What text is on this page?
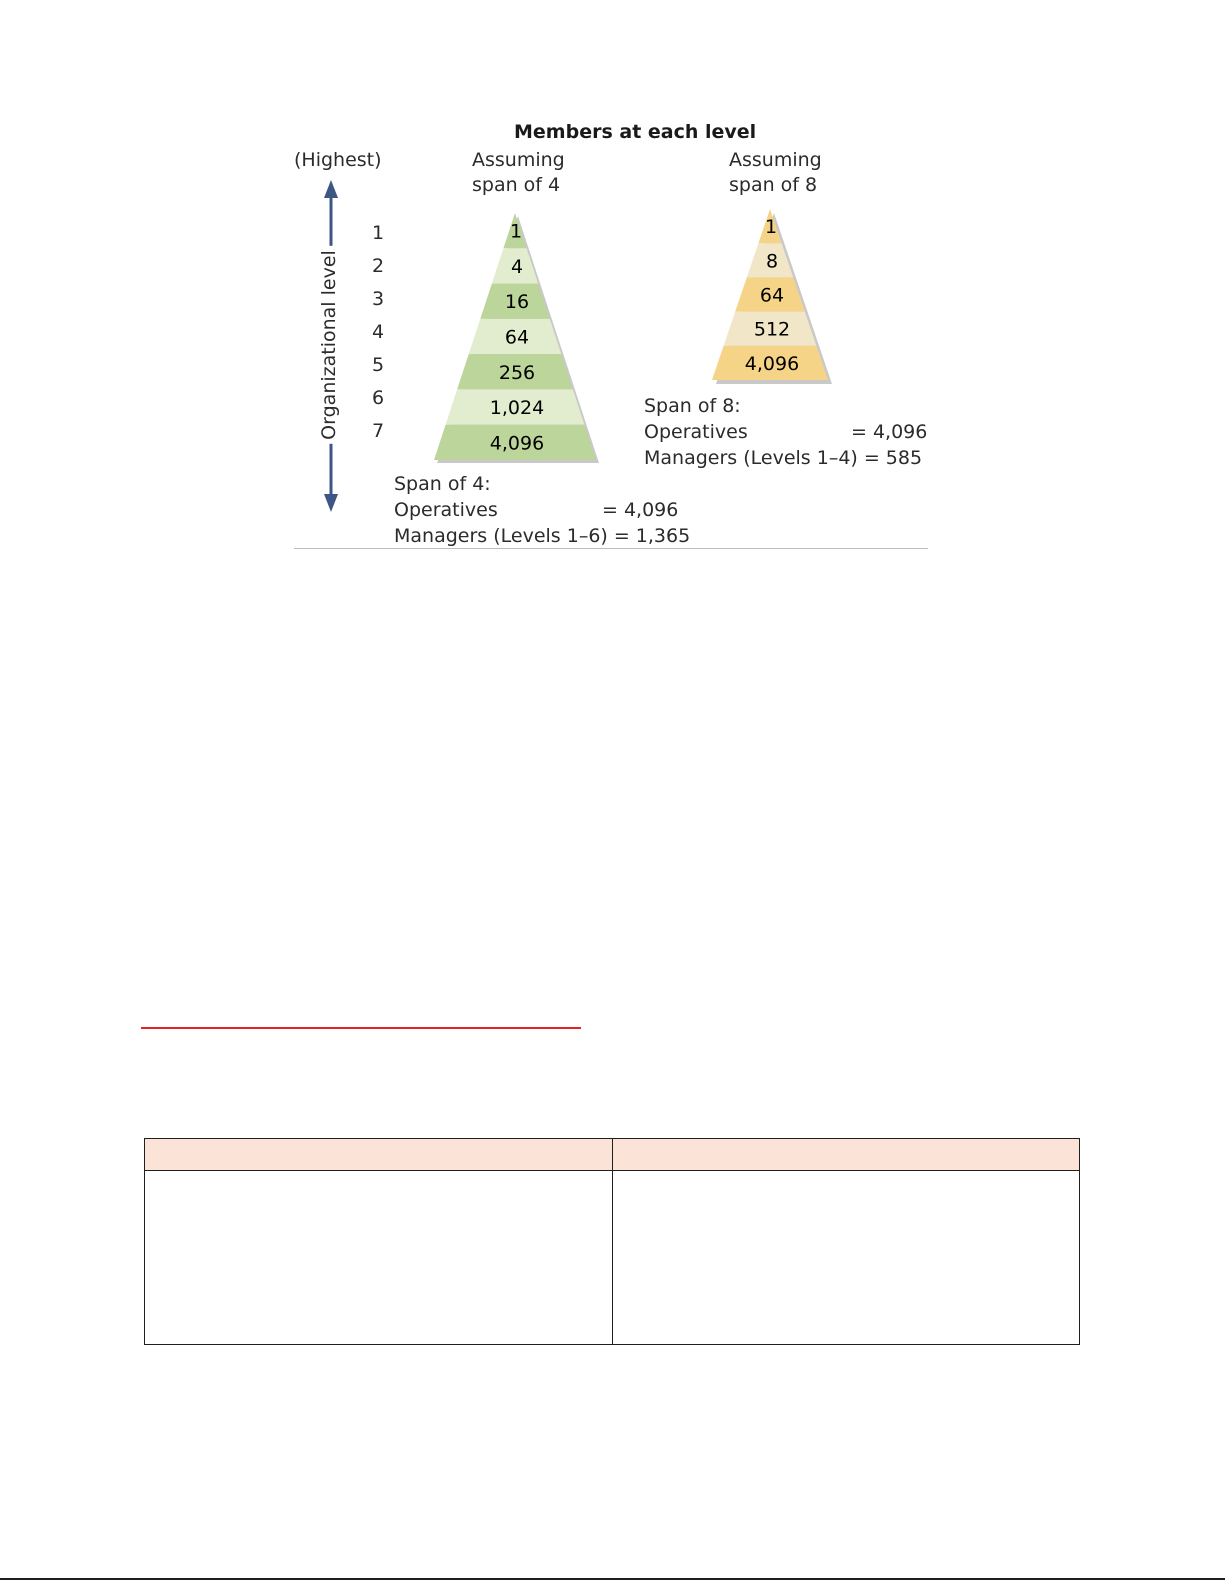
Members at each level
(Highest)
Organizational level
1
2
3
4
5
6
7
Assuming
span of 4
Assuming
span of 8
1
4
16
64
256
1,024
4,096
1
8
64
512
4,096
Span of 8:
Operatives	= 4,096
Managers (Levels 1–4) = 585
Span of 4:
Operatives	= 4,096
Managers (Levels 1–6) = 1,365
